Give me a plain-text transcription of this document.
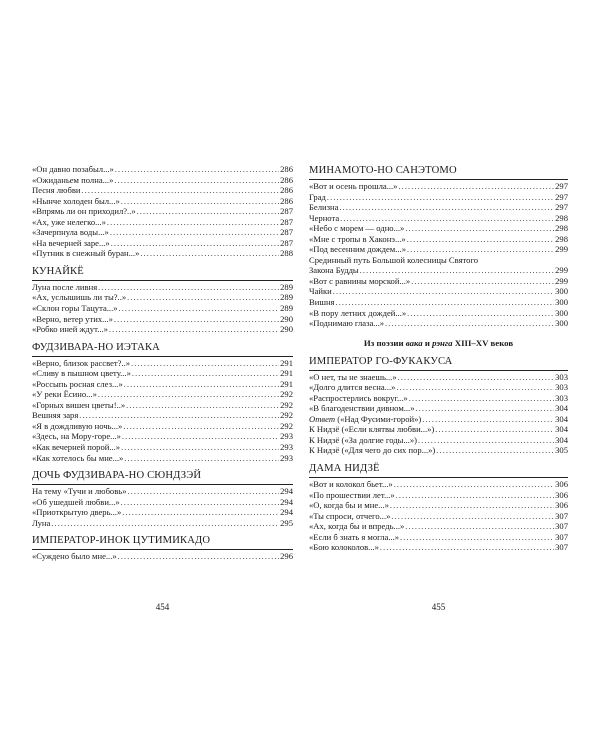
«Он давно позабыл...» .....	286
«Ожиданьем полна...» .....	286
Песня любви .....	286
«Нынче холоден был...» .....	286
«Впрямь ли он приходил?..» .....	287
«Ах, уже нелегко...» .....	287
«Зачерпнула воды...» .....	287
«На вечерней заре...» .....	287
«Путник в снежный буран...» .....	288
КУНАЙКЁ
Луна после ливня .....	289
«Ах, услышишь ли ты?..» .....	289
«Склон горы Тацута...» .....	289
«Верно, ветер утих...» .....	290
«Робко иней ждут...» .....	290
ФУДЗИВАРА-НО ИЭТАКА
«Верно, близок рассвет?..» .....	291
«Сливу в пышном цвету...» .....	291
«Россыпь росная слез...» .....	291
«У реки Ёсино...» .....	292
«Горных вишен цветы!..» .....	292
Вешняя заря .....	292
«Я в дождливую ночь...» .....	292
«Здесь, на Мору-горе...» .....	293
«Как вечерней порой...» .....	293
«Как хотелось бы мне...» .....	293
ДОЧЬ ФУДЗИВАРА-НО СЮНДЗЭЙ
На тему «Тучи и любовь» .....	294
«Об ушедшей любви...» .....	294
«Приоткрытую дверь...» .....	294
Луна .....	295
ИМПЕРАТОР-ИНОК ЦУТИМИКАДО
«Суждено было мне...» .....	296
454
МИНАМОТО-НО САНЭТОМО
«Вот и осень прошла...» .....	297
Град .....	297
Белизна .....	297
Чернота .....	298
«Небо с морем — одно...» .....	298
«Мне с тропы в Хаконэ...» .....	298
«Под весенним дождем...» .....	299
Срединный путь Большой колесницы Святого
Закона Будды .....	299
«Вот с равнины морской...» .....	299
Чайки .....	300
Вишня .....	300
«В пору летних дождей...» .....	300
«Поднимаю глаза...» .....	300
Из поэзии вака и рэнга XIII–XV веков
ИМПЕРАТОР ГО-ФУКАКУСА
«О нет, ты не знаешь...» .....	303
«Долго длится весна...» .....	303
«Распростерлись вокруг...» .....	303
«В благоденствии дивном...» .....	304
Ответ («Над Фусими-горой») .....	304
К Нидзё («Если клятвы любви...») .....	304
К Нидзё («За долгие годы...») .....	304
К Нидзё («Для чего до сих пор...») .....	305
ДАМА НИДЗЁ
«Вот и колокол бьет...» .....	306
«По прошествии лет...» .....	306
«О, когда бы и мне...» .....	306
«Ты спроси, отчего...» .....	307
«Ах, когда бы и впредь...» .....	307
«Если б знать я могла...» .....	307
«Бою колоколов...» .....	307
455
